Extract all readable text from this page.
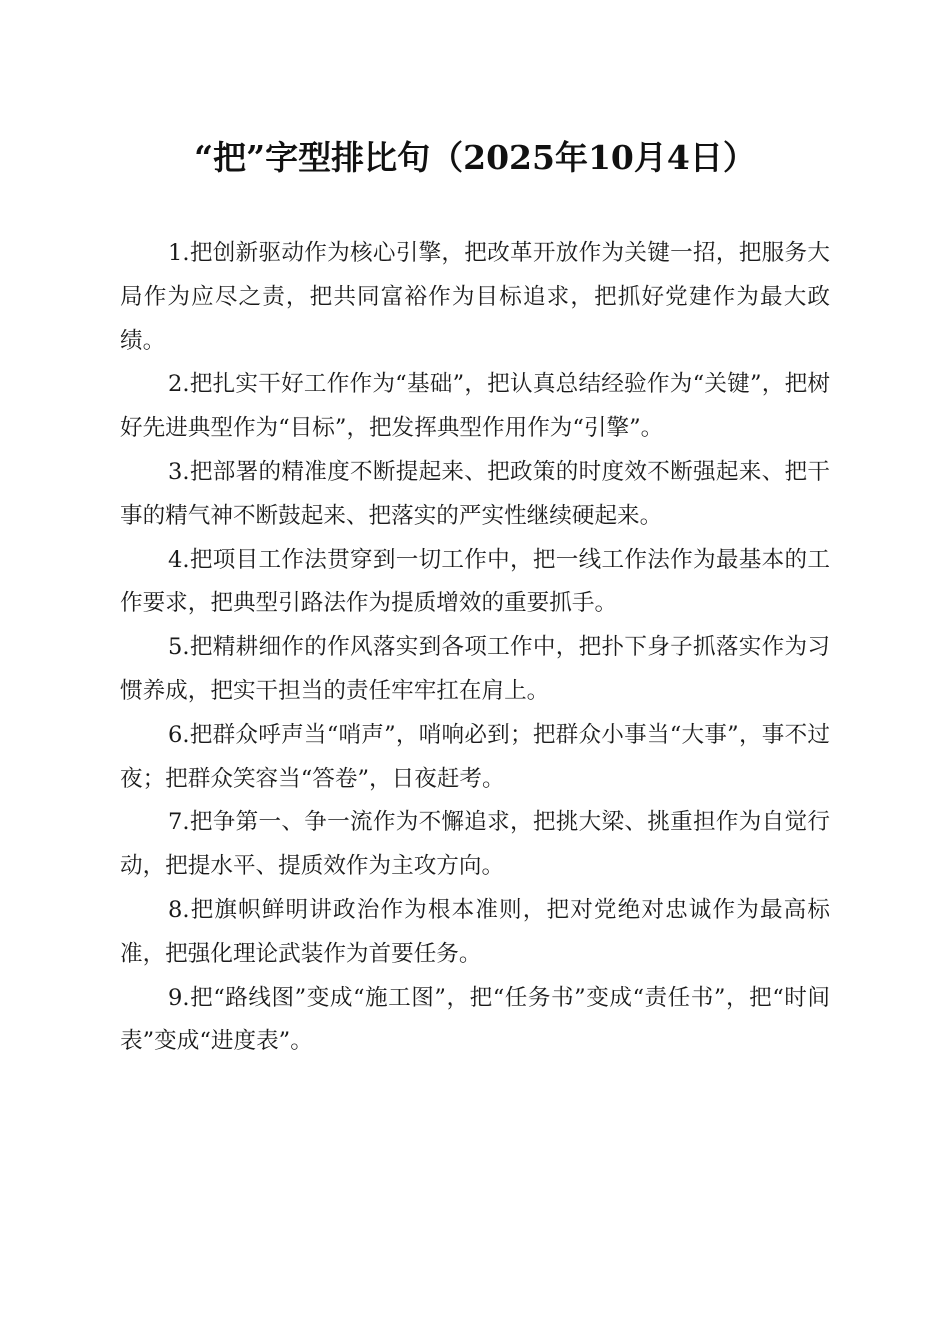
“把”字型排比句（2025年10月4日）

1.把创新驱动作为核心引擎，把改革开放作为关键一招，把服务大局作为应尽之责，把共同富裕作为目标追求，把抓好党建作为最大政绩。

2.把扎实干好工作作为“基础”，把认真总结经验作为“关键”，把树好先进典型作为“目标”，把发挥典型作用作为“引擎”。

3.把部署的精准度不断提起来、把政策的时度效不断强起来、把干事的精气神不断鼓起来、把落实的严实性继续硬起来。

4.把项目工作法贯穿到一切工作中，把一线工作法作为最基本的工作要求，把典型引路法作为提质增效的重要抓手。

5.把精耕细作的作风落实到各项工作中，把扑下身子抓落实作为习惯养成，把实干担当的责任牢牢扛在肩上。

6.把群众呼声当“哨声”，哨响必到；把群众小事当“大事”，事不过夜；把群众笑容当“答卷”，日夜赶考。

7.把争第一、争一流作为不懈追求，把挑大梁、挑重担作为自觉行动，把提水平、提质效作为主攻方向。

8.把旗帜鲜明讲政治作为根本准则，把对党绝对忠诚作为最高标准，把强化理论武装作为首要任务。

9.把“路线图”变成“施工图”，把“任务书”变成“责任书”，把“时间表”变成“进度表”。
